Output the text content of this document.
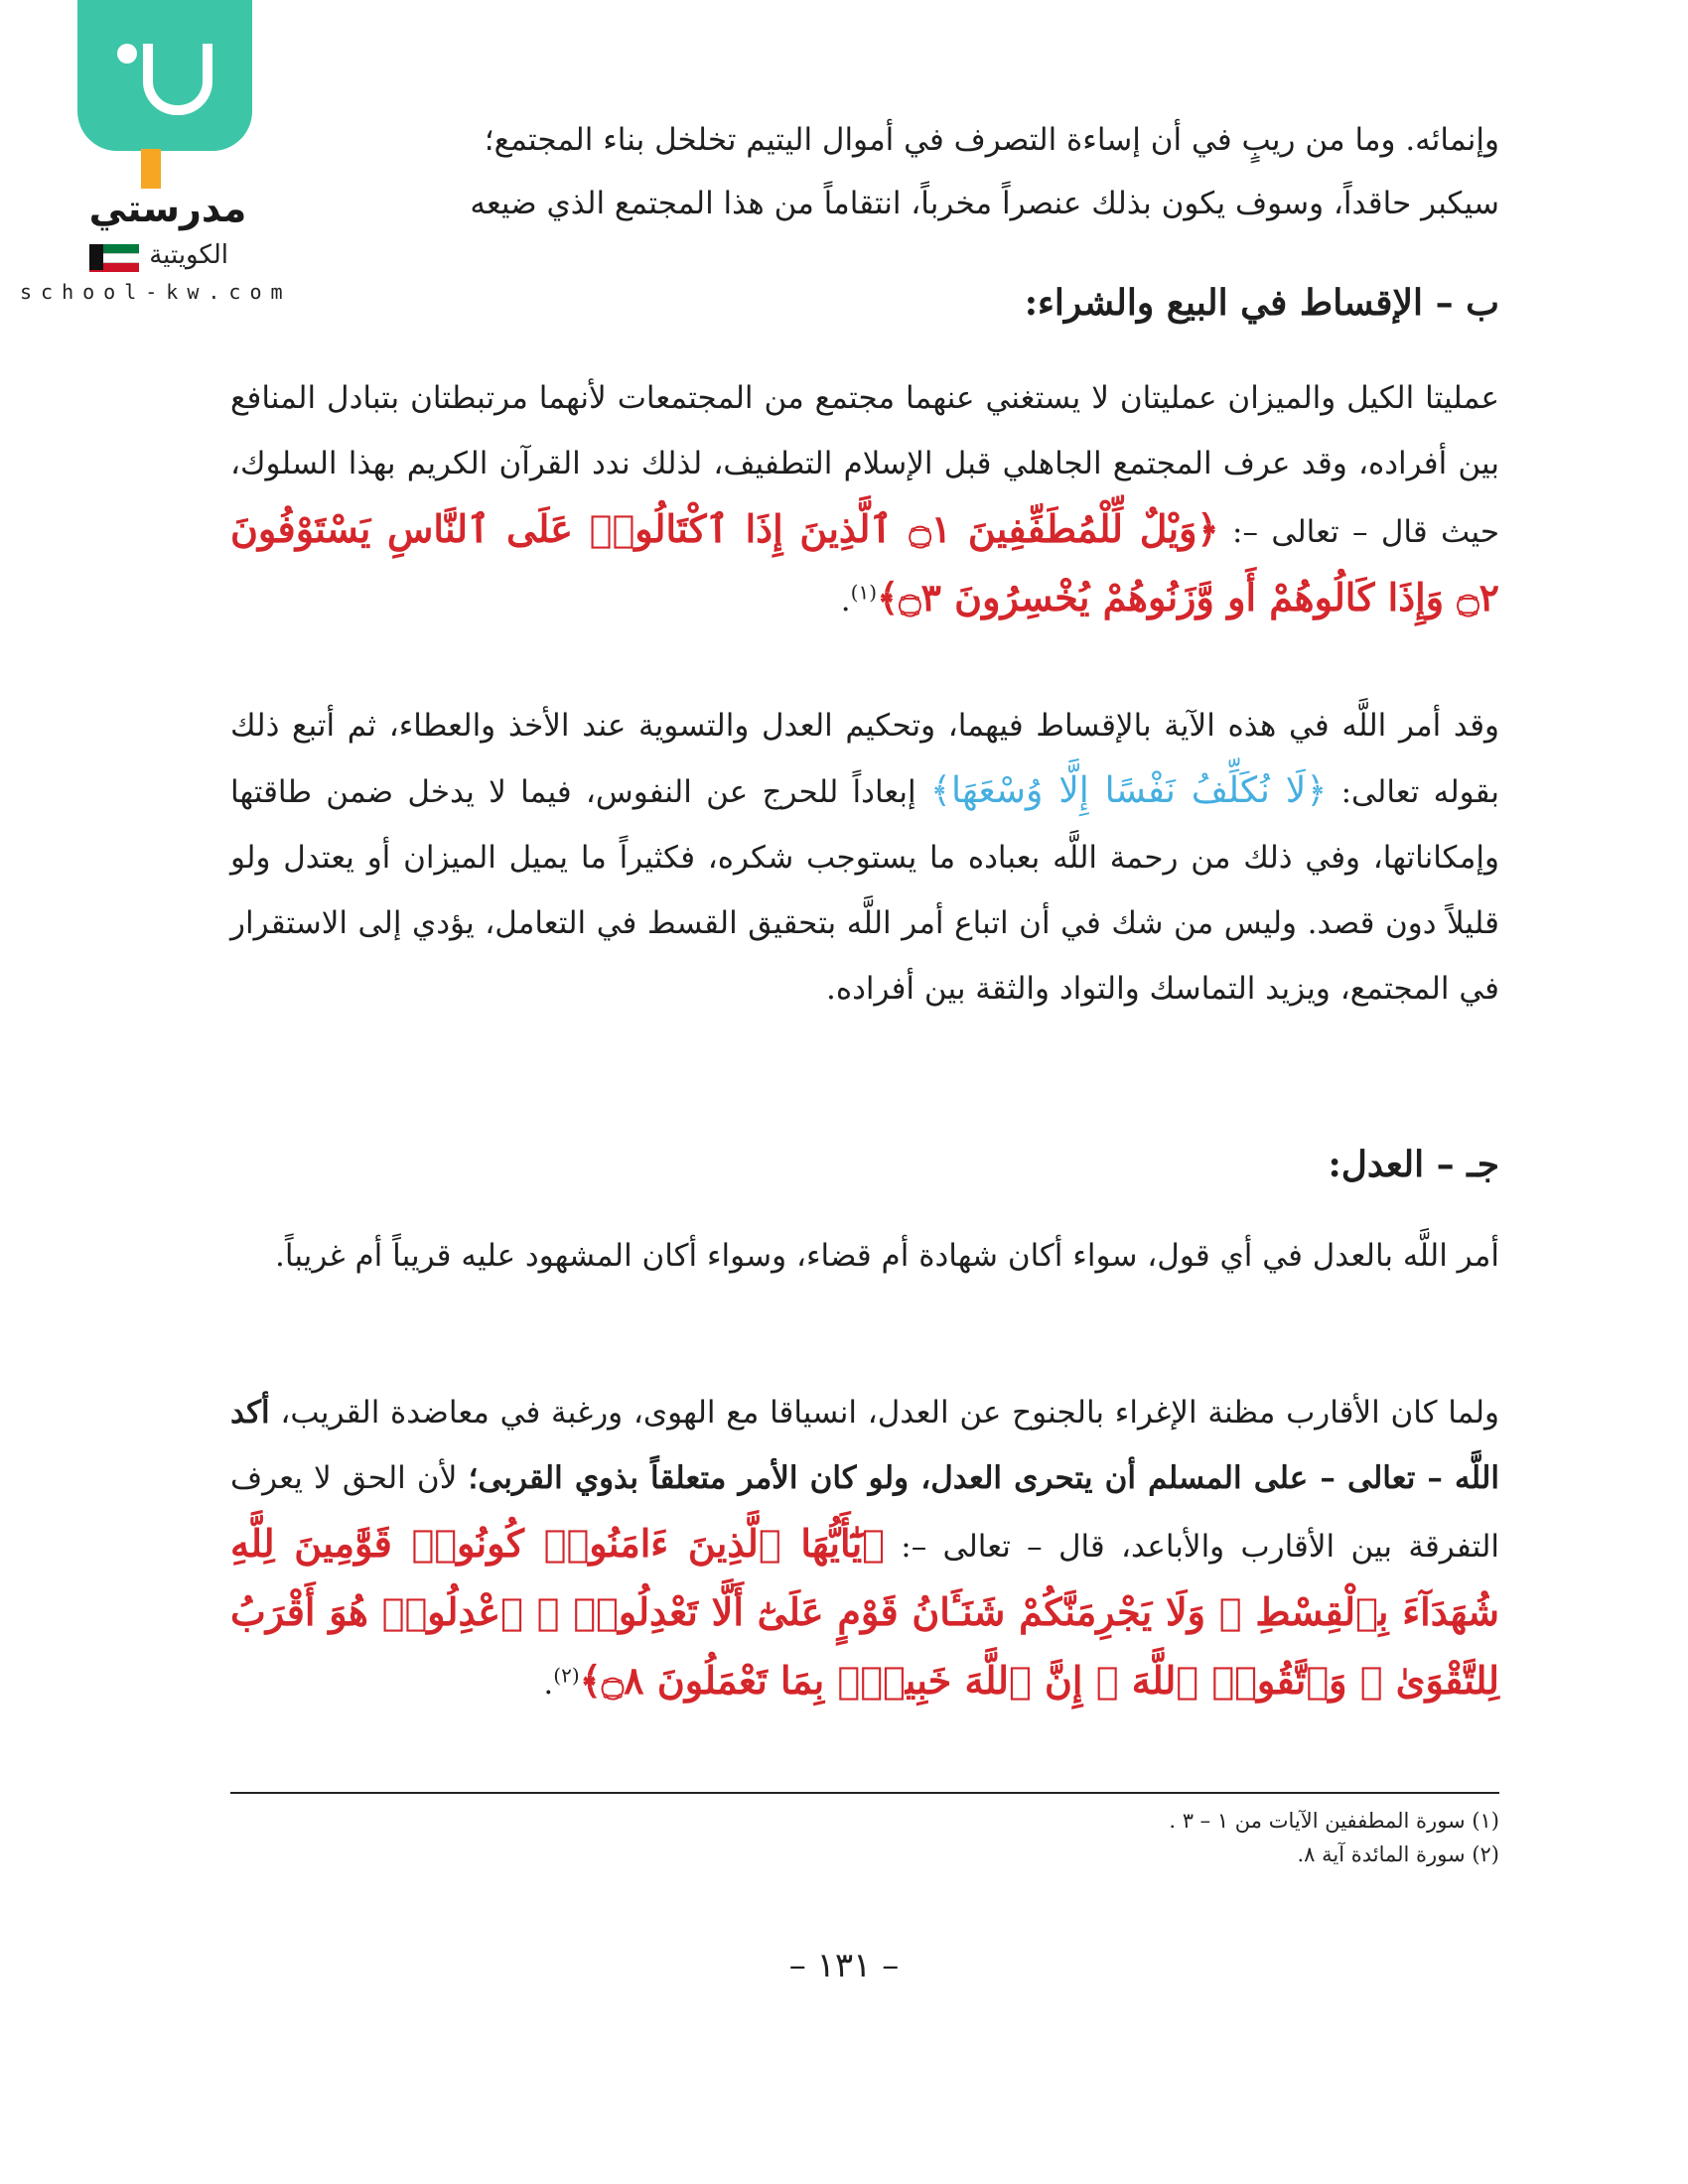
مدرستي
الكويتية
school-kw.com

وإنمائه. وما من ريبٍ في أن إساءة التصرف في أموال اليتيم تخلخل بناء المجتمع؛

سيكبر حاقداً، وسوف يكون بذلك عنصراً مخرباً، انتقاماً من هذا المجتمع الذي ضيعه

ب – الإقساط في البيع والشراء:

عمليتا الكيل والميزان عمليتان لا يستغني عنهما مجتمع من المجتمعات لأنهما مرتبطتان بتبادل المنافع بين أفراده، وقد عرف المجتمع الجاهلي قبل الإسلام التطفيف، لذلك ندد القرآن الكريم بهذا السلوك، حيث قال – تعالى –: ﴿وَيْلٌ لِّلْمُطَفِّفِينَ ۝١ ٱلَّذِينَ إِذَا ٱكْتَالُوا۟ عَلَى ٱلنَّاسِ يَسْتَوْفُونَ ۝٢ وَإِذَا كَالُوهُمْ أَو وَّزَنُوهُمْ يُخْسِرُونَ ۝٣﴾$^{(١)}$.

وقد أمر اللَّه في هذه الآية بالإقساط فيهما، وتحكيم العدل والتسوية عند الأخذ والعطاء، ثم أتبع ذلك بقوله تعالى: ﴿لَا نُكَلِّفُ نَفْسًا إِلَّا وُسْعَهَا﴾ إبعاداً للحرج عن النفوس، فيما لا يدخل ضمن طاقتها وإمكاناتها، وفي ذلك من رحمة اللَّه بعباده ما يستوجب شكره، فكثيراً ما يميل الميزان أو يعتدل ولو قليلاً دون قصد. وليس من شك في أن اتباع أمر اللَّه بتحقيق القسط في التعامل، يؤدي إلى الاستقرار في المجتمع، ويزيد التماسك والتواد والثقة بين أفراده.

جـ – العدل:

أمر اللَّه بالعدل في أي قول، سواء أكان شهادة أم قضاء، وسواء أكان المشهود عليه قريباً أم غريباً.

ولما كان الأقارب مظنة الإغراء بالجنوح عن العدل، انسياقا مع الهوى، ورغبة في معاضدة القريب، أكد اللَّه – تعالى – على المسلم أن يتحرى العدل، ولو كان الأمر متعلقاً بذوي القربى؛ لأن الحق لا يعرف التفرقة بين الأقارب والأباعد، قال – تعالى –: ﴿يَٰٓأَيُّهَا ٱلَّذِينَ ءَامَنُوا۟ كُونُوا۟ قَوَّٰمِينَ لِلَّهِ شُهَدَآءَ بِٱلْقِسْطِ ۖ وَلَا يَجْرِمَنَّكُمْ شَنَـَٔانُ قَوْمٍ عَلَىٰٓ أَلَّا تَعْدِلُوا۟ ۚ ٱعْدِلُوا۟ هُوَ أَقْرَبُ لِلتَّقْوَىٰ ۖ وَٱتَّقُوا۟ ٱللَّهَ ۚ إِنَّ ٱللَّهَ خَبِيرٌۢ بِمَا تَعْمَلُونَ ۝٨﴾$^{(٢)}$.

(١) سورة المطففين الآيات من ١ – ٣ .

(٢) سورة المائدة آية ٨.

– ١٣١ –
